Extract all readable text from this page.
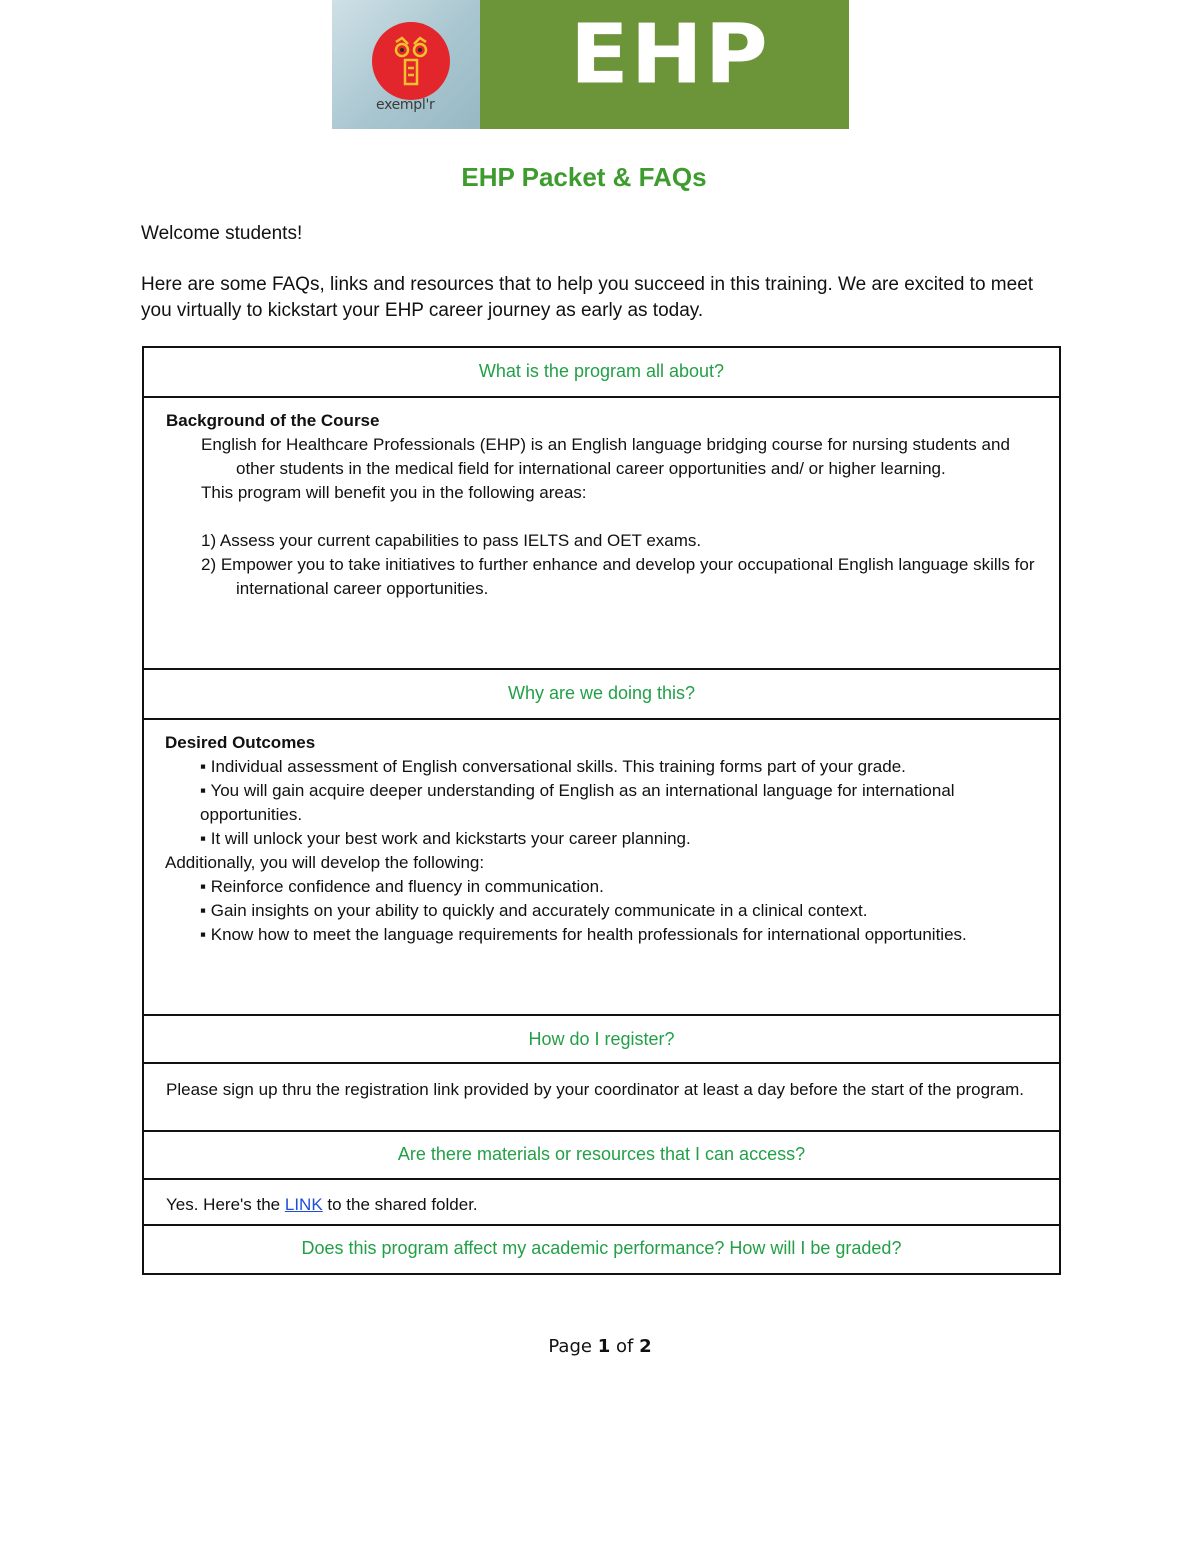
exempl'r
EHP
EHP Packet & FAQs
Welcome students!
Here are some FAQs, links and resources that to help you succeed in this training. We are excited to meet you virtually to kickstart your EHP career journey as early as today.
What is the program all about?
Background of the Course
English for Healthcare Professionals (EHP) is an English language bridging course for nursing students and other students in the medical field for international career opportunities and/ or higher learning.
This program will benefit you in the following areas:
1) Assess your current capabilities to pass IELTS and OET exams.
2) Empower you to take initiatives to further enhance and develop your occupational English language skills for international career opportunities.
Why are we doing this?
Desired Outcomes
▪ Individual assessment of English conversational skills. This training forms part of your grade.
▪ You will gain acquire deeper understanding of English as an international language for international opportunities.
▪ It will unlock your best work and kickstarts your career planning.
Additionally, you will develop the following:
▪ Reinforce confidence and fluency in communication.
▪ Gain insights on your ability to quickly and accurately communicate in a clinical context.
▪ Know how to meet the language requirements for health professionals for international opportunities.
How do I register?
Please sign up thru the registration link provided by your coordinator at least a day before the start of the program.
Are there materials or resources that I can access?
Yes. Here's the LINK to the shared folder.
Does this program affect my academic performance? How will I be graded?
Page 1 of 2
